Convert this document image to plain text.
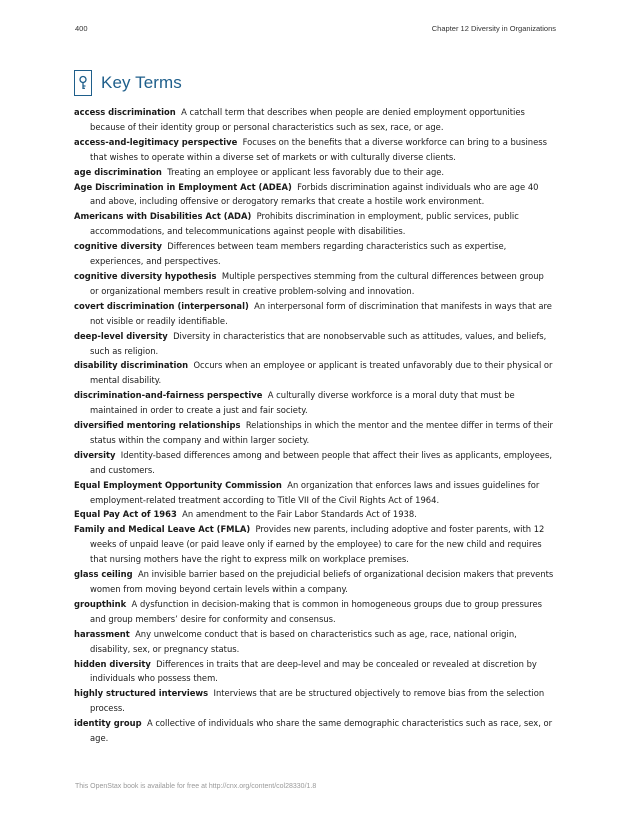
400	Chapter 12 Diversity in Organizations
Key Terms

access discrimination A catchall term that describes when people are denied employment opportunities because of their identity group or personal characteristics such as sex, race, or age.

access-and-legitimacy perspective Focuses on the benefits that a diverse workforce can bring to a business that wishes to operate within a diverse set of markets or with culturally diverse clients.

age discrimination Treating an employee or applicant less favorably due to their age.

Age Discrimination in Employment Act (ADEA) Forbids discrimination against individuals who are age 40 and above, including offensive or derogatory remarks that create a hostile work environment.

Americans with Disabilities Act (ADA) Prohibits discrimination in employment, public services, public accommodations, and telecommunications against people with disabilities.

cognitive diversity Differences between team members regarding characteristics such as expertise, experiences, and perspectives.

cognitive diversity hypothesis Multiple perspectives stemming from the cultural differences between group or organizational members result in creative problem-solving and innovation.

covert discrimination (interpersonal) An interpersonal form of discrimination that manifests in ways that are not visible or readily identifiable.

deep-level diversity Diversity in characteristics that are nonobservable such as attitudes, values, and beliefs, such as religion.

disability discrimination Occurs when an employee or applicant is treated unfavorably due to their physical or mental disability.

discrimination-and-fairness perspective A culturally diverse workforce is a moral duty that must be maintained in order to create a just and fair society.

diversified mentoring relationships Relationships in which the mentor and the mentee differ in terms of their status within the company and within larger society.

diversity Identity-based differences among and between people that affect their lives as applicants, employees, and customers.

Equal Employment Opportunity Commission An organization that enforces laws and issues guidelines for employment-related treatment according to Title VII of the Civil Rights Act of 1964.

Equal Pay Act of 1963 An amendment to the Fair Labor Standards Act of 1938.

Family and Medical Leave Act (FMLA) Provides new parents, including adoptive and foster parents, with 12 weeks of unpaid leave (or paid leave only if earned by the employee) to care for the new child and requires that nursing mothers have the right to express milk on workplace premises.

glass ceiling An invisible barrier based on the prejudicial beliefs of organizational decision makers that prevents women from moving beyond certain levels within a company.

groupthink A dysfunction in decision-making that is common in homogeneous groups due to group pressures and group members’ desire for conformity and consensus.

harassment Any unwelcome conduct that is based on characteristics such as age, race, national origin, disability, sex, or pregnancy status.

hidden diversity Differences in traits that are deep-level and may be concealed or revealed at discretion by individuals who possess them.

highly structured interviews Interviews that are be structured objectively to remove bias from the selection process.

identity group A collective of individuals who share the same demographic characteristics such as race, sex, or age.

This OpenStax book is available for free at http://cnx.org/content/col28330/1.8
